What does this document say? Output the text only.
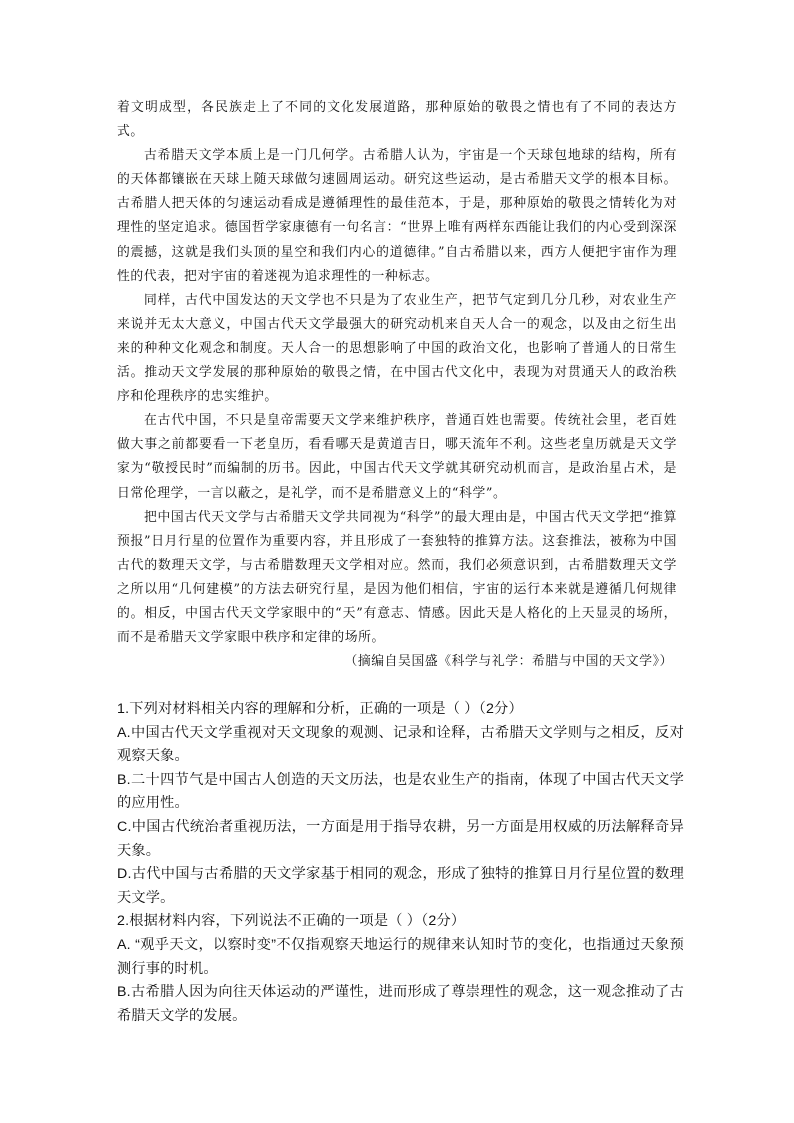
着文明成型，各民族走上了不同的文化发展道路，那种原始的敬畏之情也有了不同的表达方式。

古希腊天文学本质上是一门几何学。古希腊人认为，宇宙是一个天球包地球的结构，所有的天体都镶嵌在天球上随天球做匀速圆周运动。研究这些运动，是古希腊天文学的根本目标。古希腊人把天体的匀速运动看成是遵循理性的最佳范本，于是，那种原始的敬畏之情转化为对理性的坚定追求。德国哲学家康德有一句名言：“世界上唯有两样东西能让我们的内心受到深深的震撼，这就是我们头顶的星空和我们内心的道德律。”自古希腊以来，西方人便把宇宙作为理性的代表，把对宇宙的着迷视为追求理性的一种标志。

同样，古代中国发达的天文学也不只是为了农业生产，把节气定到几分几秒，对农业生产来说并无太大意义，中国古代天文学最强大的研究动机来自天人合一的观念，以及由之衍生出来的种种文化观念和制度。天人合一的思想影响了中国的政治文化，也影响了普通人的日常生活。推动天文学发展的那种原始的敬畏之情，在中国古代文化中，表现为对贯通天人的政治秩序和伦理秩序的忠实维护。

在古代中国，不只是皇帝需要天文学来维护秩序，普通百姓也需要。传统社会里，老百姓做大事之前都要看一下老皇历，看看哪天是黄道吉日，哪天流年不利。这些老皇历就是天文学家为“敬授民时”而编制的历书。因此，中国古代天文学就其研究动机而言，是政治星占术，是日常伦理学，一言以蔽之，是礼学，而不是希腊意义上的“科学”。

把中国古代天文学与古希腊天文学共同视为“科学”的最大理由是，中国古代天文学把“推算预报”日月行星的位置作为重要内容，并且形成了一套独特的推算方法。这套推法，被称为中国古代的数理天文学，与古希腊数理天文学相对应。然而，我们必须意识到，古希腊数理天文学之所以用“几何建模”的方法去研究行星，是因为他们相信，宇宙的运行本来就是遵循几何规律的。相反，中国古代天文学家眼中的“天”有意志、情感。因此天是人格化的上天显灵的场所，而不是希腊天文学家眼中秩序和定律的场所。

（摘编自吴国盛《科学与礼学：希腊与中国的天文学》）

1.下列对材料相关内容的理解和分析，正确的一项是（ ）（2分）

A.中国古代天文学重视对天文现象的观测、记录和诠释，古希腊天文学则与之相反，反对观察天象。

B.二十四节气是中国古人创造的天文历法，也是农业生产的指南，体现了中国古代天文学的应用性。

C.中国古代统治者重视历法，一方面是用于指导农耕，另一方面是用权威的历法解释奇异天象。

D.古代中国与古希腊的天文学家基于相同的观念，形成了独特的推算日月行星位置的数理天文学。

2.根据材料内容，下列说法不正确的一项是（ ）（2分）

A. “观乎天文，以察时变”不仅指观察天地运行的规律来认知时节的变化，也指通过天象预测行事的时机。

B.古希腊人因为向往天体运动的严谨性，进而形成了尊崇理性的观念，这一观念推动了古希腊天文学的发展。
